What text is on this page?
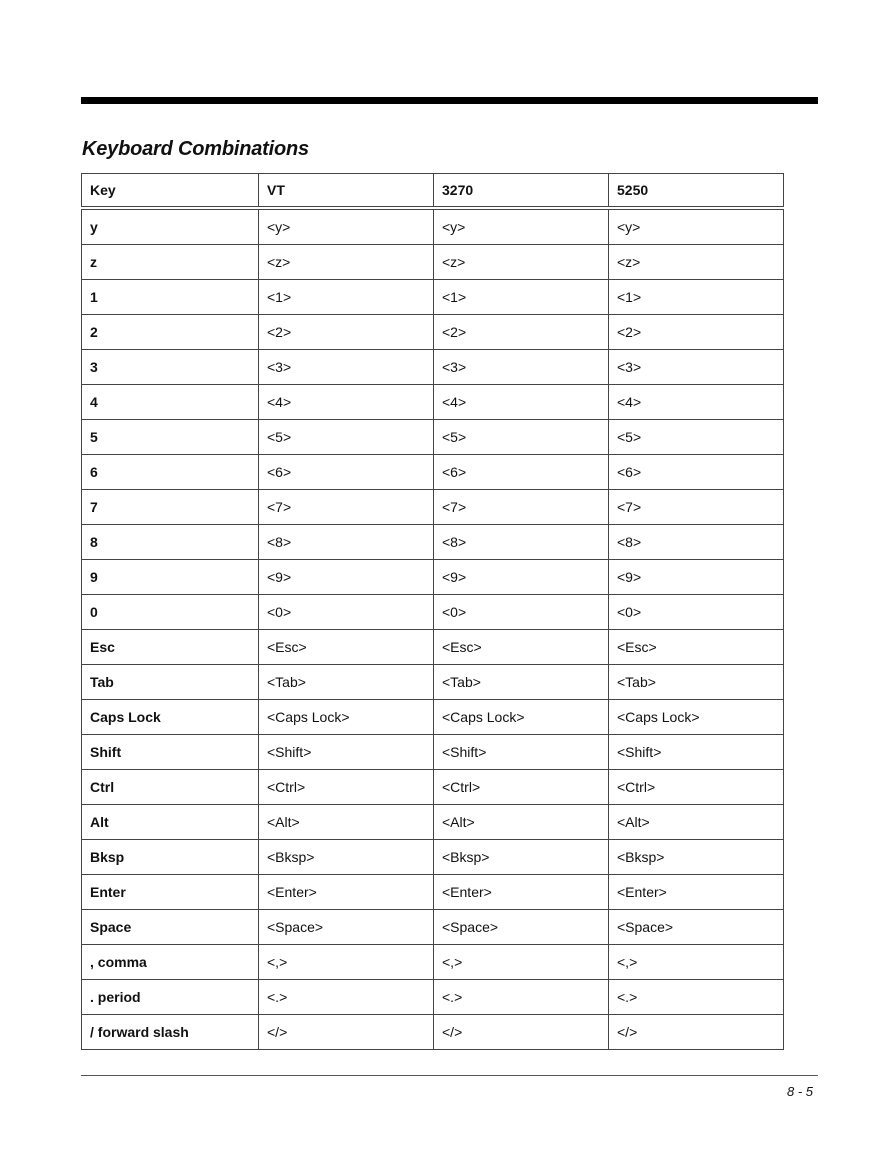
Keyboard Combinations
Key	VT	3270	5250
y	<y>	<y>	<y>
z	<z>	<z>	<z>
1	<1>	<1>	<1>
2	<2>	<2>	<2>
3	<3>	<3>	<3>
4	<4>	<4>	<4>
5	<5>	<5>	<5>
6	<6>	<6>	<6>
7	<7>	<7>	<7>
8	<8>	<8>	<8>
9	<9>	<9>	<9>
0	<0>	<0>	<0>
Esc	<Esc>	<Esc>	<Esc>
Tab	<Tab>	<Tab>	<Tab>
Caps Lock	<Caps Lock>	<Caps Lock>	<Caps Lock>
Shift	<Shift>	<Shift>	<Shift>
Ctrl	<Ctrl>	<Ctrl>	<Ctrl>
Alt	<Alt>	<Alt>	<Alt>
Bksp	<Bksp>	<Bksp>	<Bksp>
Enter	<Enter>	<Enter>	<Enter>
Space	<Space>	<Space>	<Space>
, comma	<,>	<,>	<,>
. period	<.>	<.>	<.>
/ forward slash	</>	</>	</>
8 - 5
